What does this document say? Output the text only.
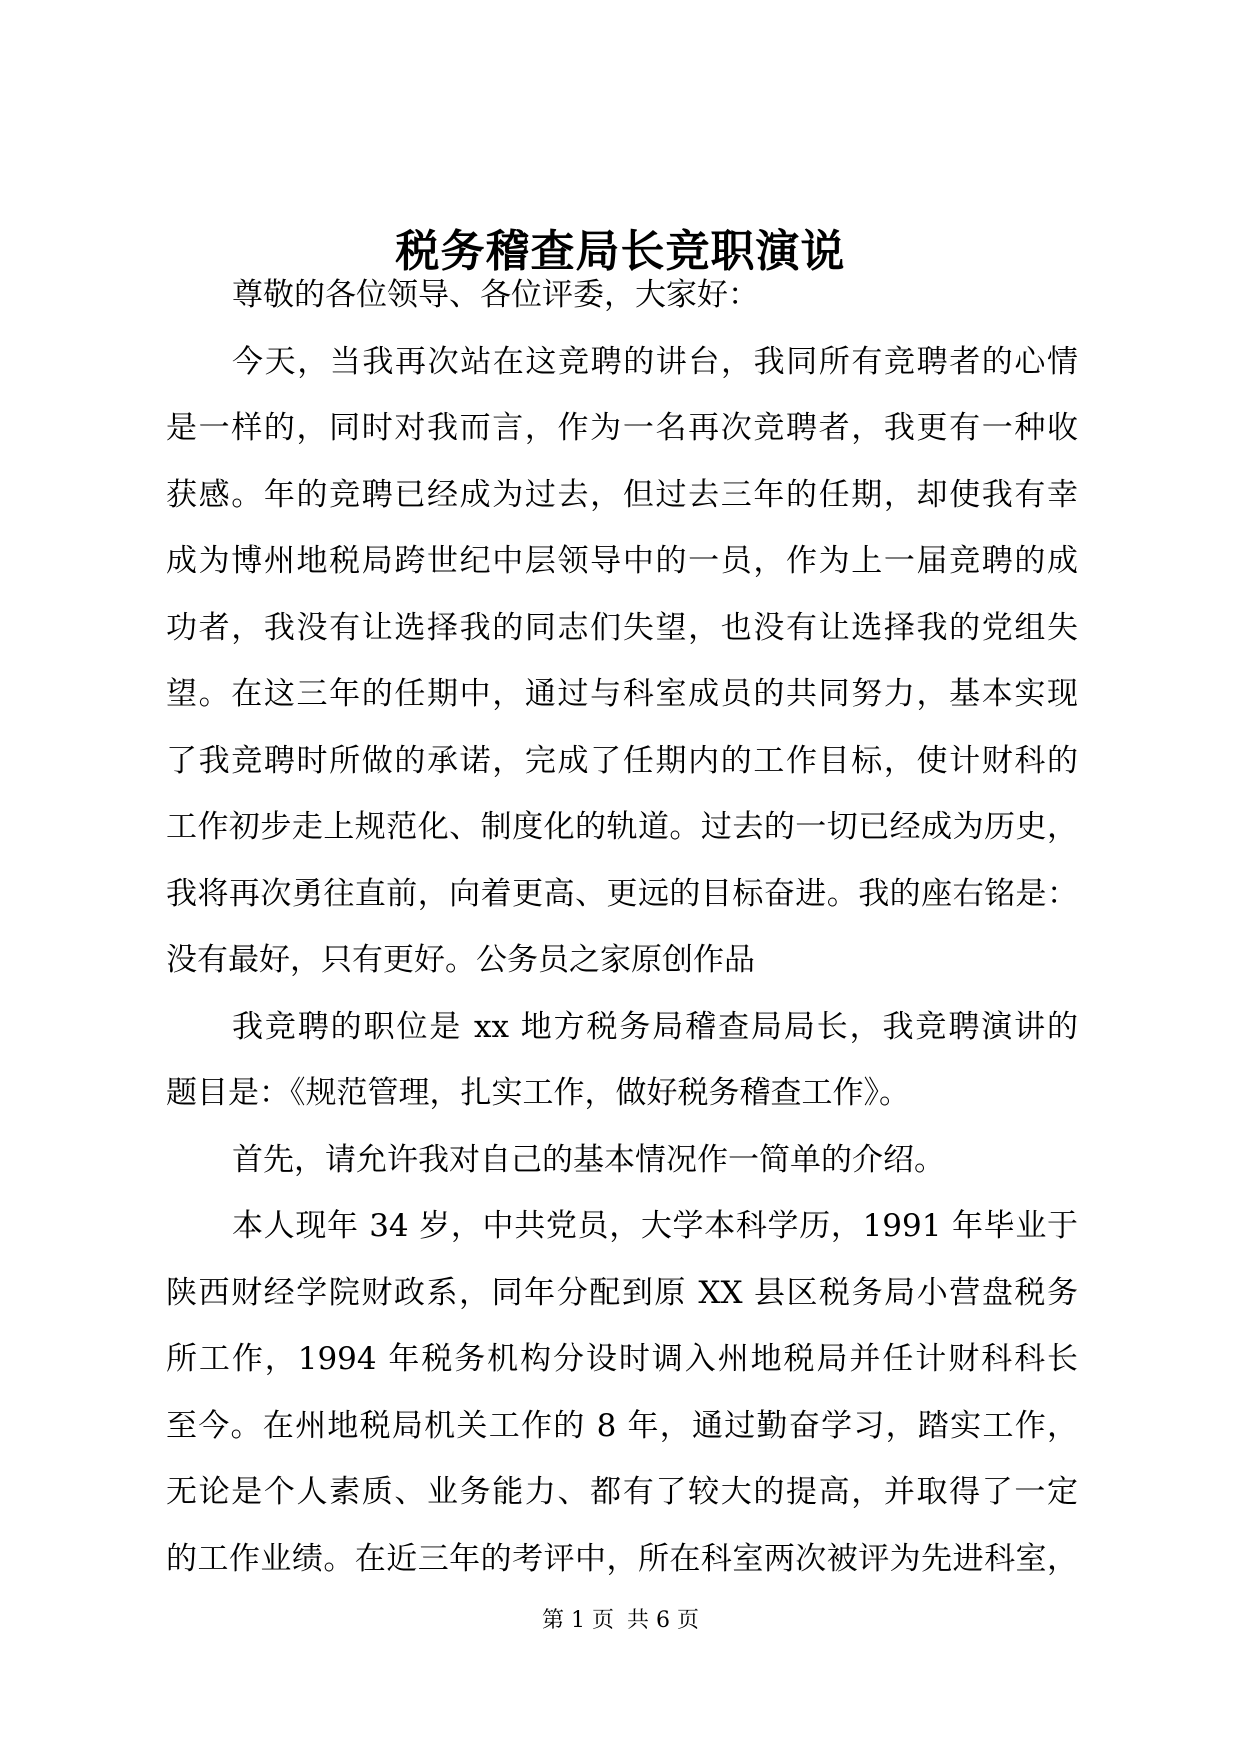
税务稽查局长竞职演说
尊敬的各位领导、各位评委，大家好：
今天，当我再次站在这竞聘的讲台，我同所有竞聘者的心情
是一样的，同时对我而言，作为一名再次竞聘者，我更有一种收
获感。年的竞聘已经成为过去，但过去三年的任期，却使我有幸
成为博州地税局跨世纪中层领导中的一员，作为上一届竞聘的成
功者，我没有让选择我的同志们失望，也没有让选择我的党组失
望。在这三年的任期中，通过与科室成员的共同努力，基本实现
了我竞聘时所做的承诺，完成了任期内的工作目标，使计财科的
工作初步走上规范化、制度化的轨道。过去的一切已经成为历史，
我将再次勇往直前，向着更高、更远的目标奋进。我的座右铭是：
没有最好，只有更好。公务员之家原创作品
我竞聘的职位是 xx 地方税务局稽查局局长，我竞聘演讲的
题目是：《规范管理，扎实工作，做好税务稽查工作》。
首先，请允许我对自己的基本情况作一简单的介绍。
本人现年 34 岁，中共党员，大学本科学历，1991 年毕业于
陕西财经学院财政系，同年分配到原 XX 县区税务局小营盘税务
所工作，1994 年税务机构分设时调入州地税局并任计财科科长
至今。在州地税局机关工作的 8 年，通过勤奋学习，踏实工作，
无论是个人素质、业务能力、都有了较大的提高，并取得了一定
的工作业绩。在近三年的考评中，所在科室两次被评为先进科室，
第 1 页 共 6 页
